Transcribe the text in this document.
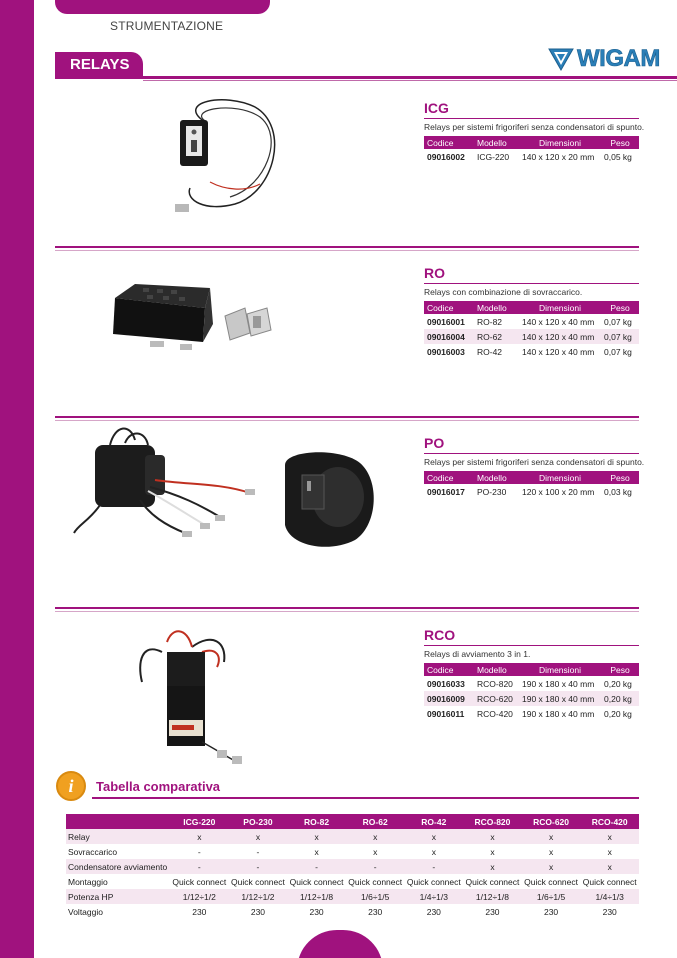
STRUMENTAZIONE
RELAYS	WIGAM
ICG
Relays per sistemi frigoriferi senza condensatori di spunto.
Codice	Modello	Dimensioni	Peso
09016002	ICG-220	140 x 120 x 20 mm	0,05 kg
RO
Relays con combinazione di sovraccarico.
Codice	Modello	Dimensioni	Peso
09016001	RO-82	140 x 120 x 40 mm	0,07 kg
09016004	RO-62	140 x 120 x 40 mm	0,07 kg
09016003	RO-42	140 x 120 x 40 mm	0,07 kg
PO
Relays per sistemi frigoriferi senza condensatori di spunto.
Codice	Modello	Dimensioni	Peso
09016017	PO-230	120 x 100 x 20 mm	0,03 kg
RCO
Relays di avviamento 3 in 1.
Codice	Modello	Dimensioni	Peso
09016033	RCO-820	190 x 180 x 40 mm	0,20 kg
09016009	RCO-620	190 x 180 x 40 mm	0,20 kg
09016011	RCO-420	190 x 180 x 40 mm	0,20 kg
i	Tabella comparativa
	ICG-220	PO-230	RO-82	RO-62	RO-42	RCO-820	RCO-620	RCO-420
Relay	x	x	x	x	x	x	x	x
Sovraccarico	-	-	x	x	x	x	x	x
Condensatore avviamento	-	-	-	-	-	x	x	x
Montaggio	Quick connect	Quick connect	Quick connect	Quick connect	Quick connect	Quick connect	Quick connect	Quick connect
Potenza HP	1/12÷1/2	1/12÷1/2	1/12÷1/8	1/6÷1/5	1/4÷1/3	1/12÷1/8	1/6÷1/5	1/4÷1/3
Voltaggio	230	230	230	230	230	230	230	230
144
